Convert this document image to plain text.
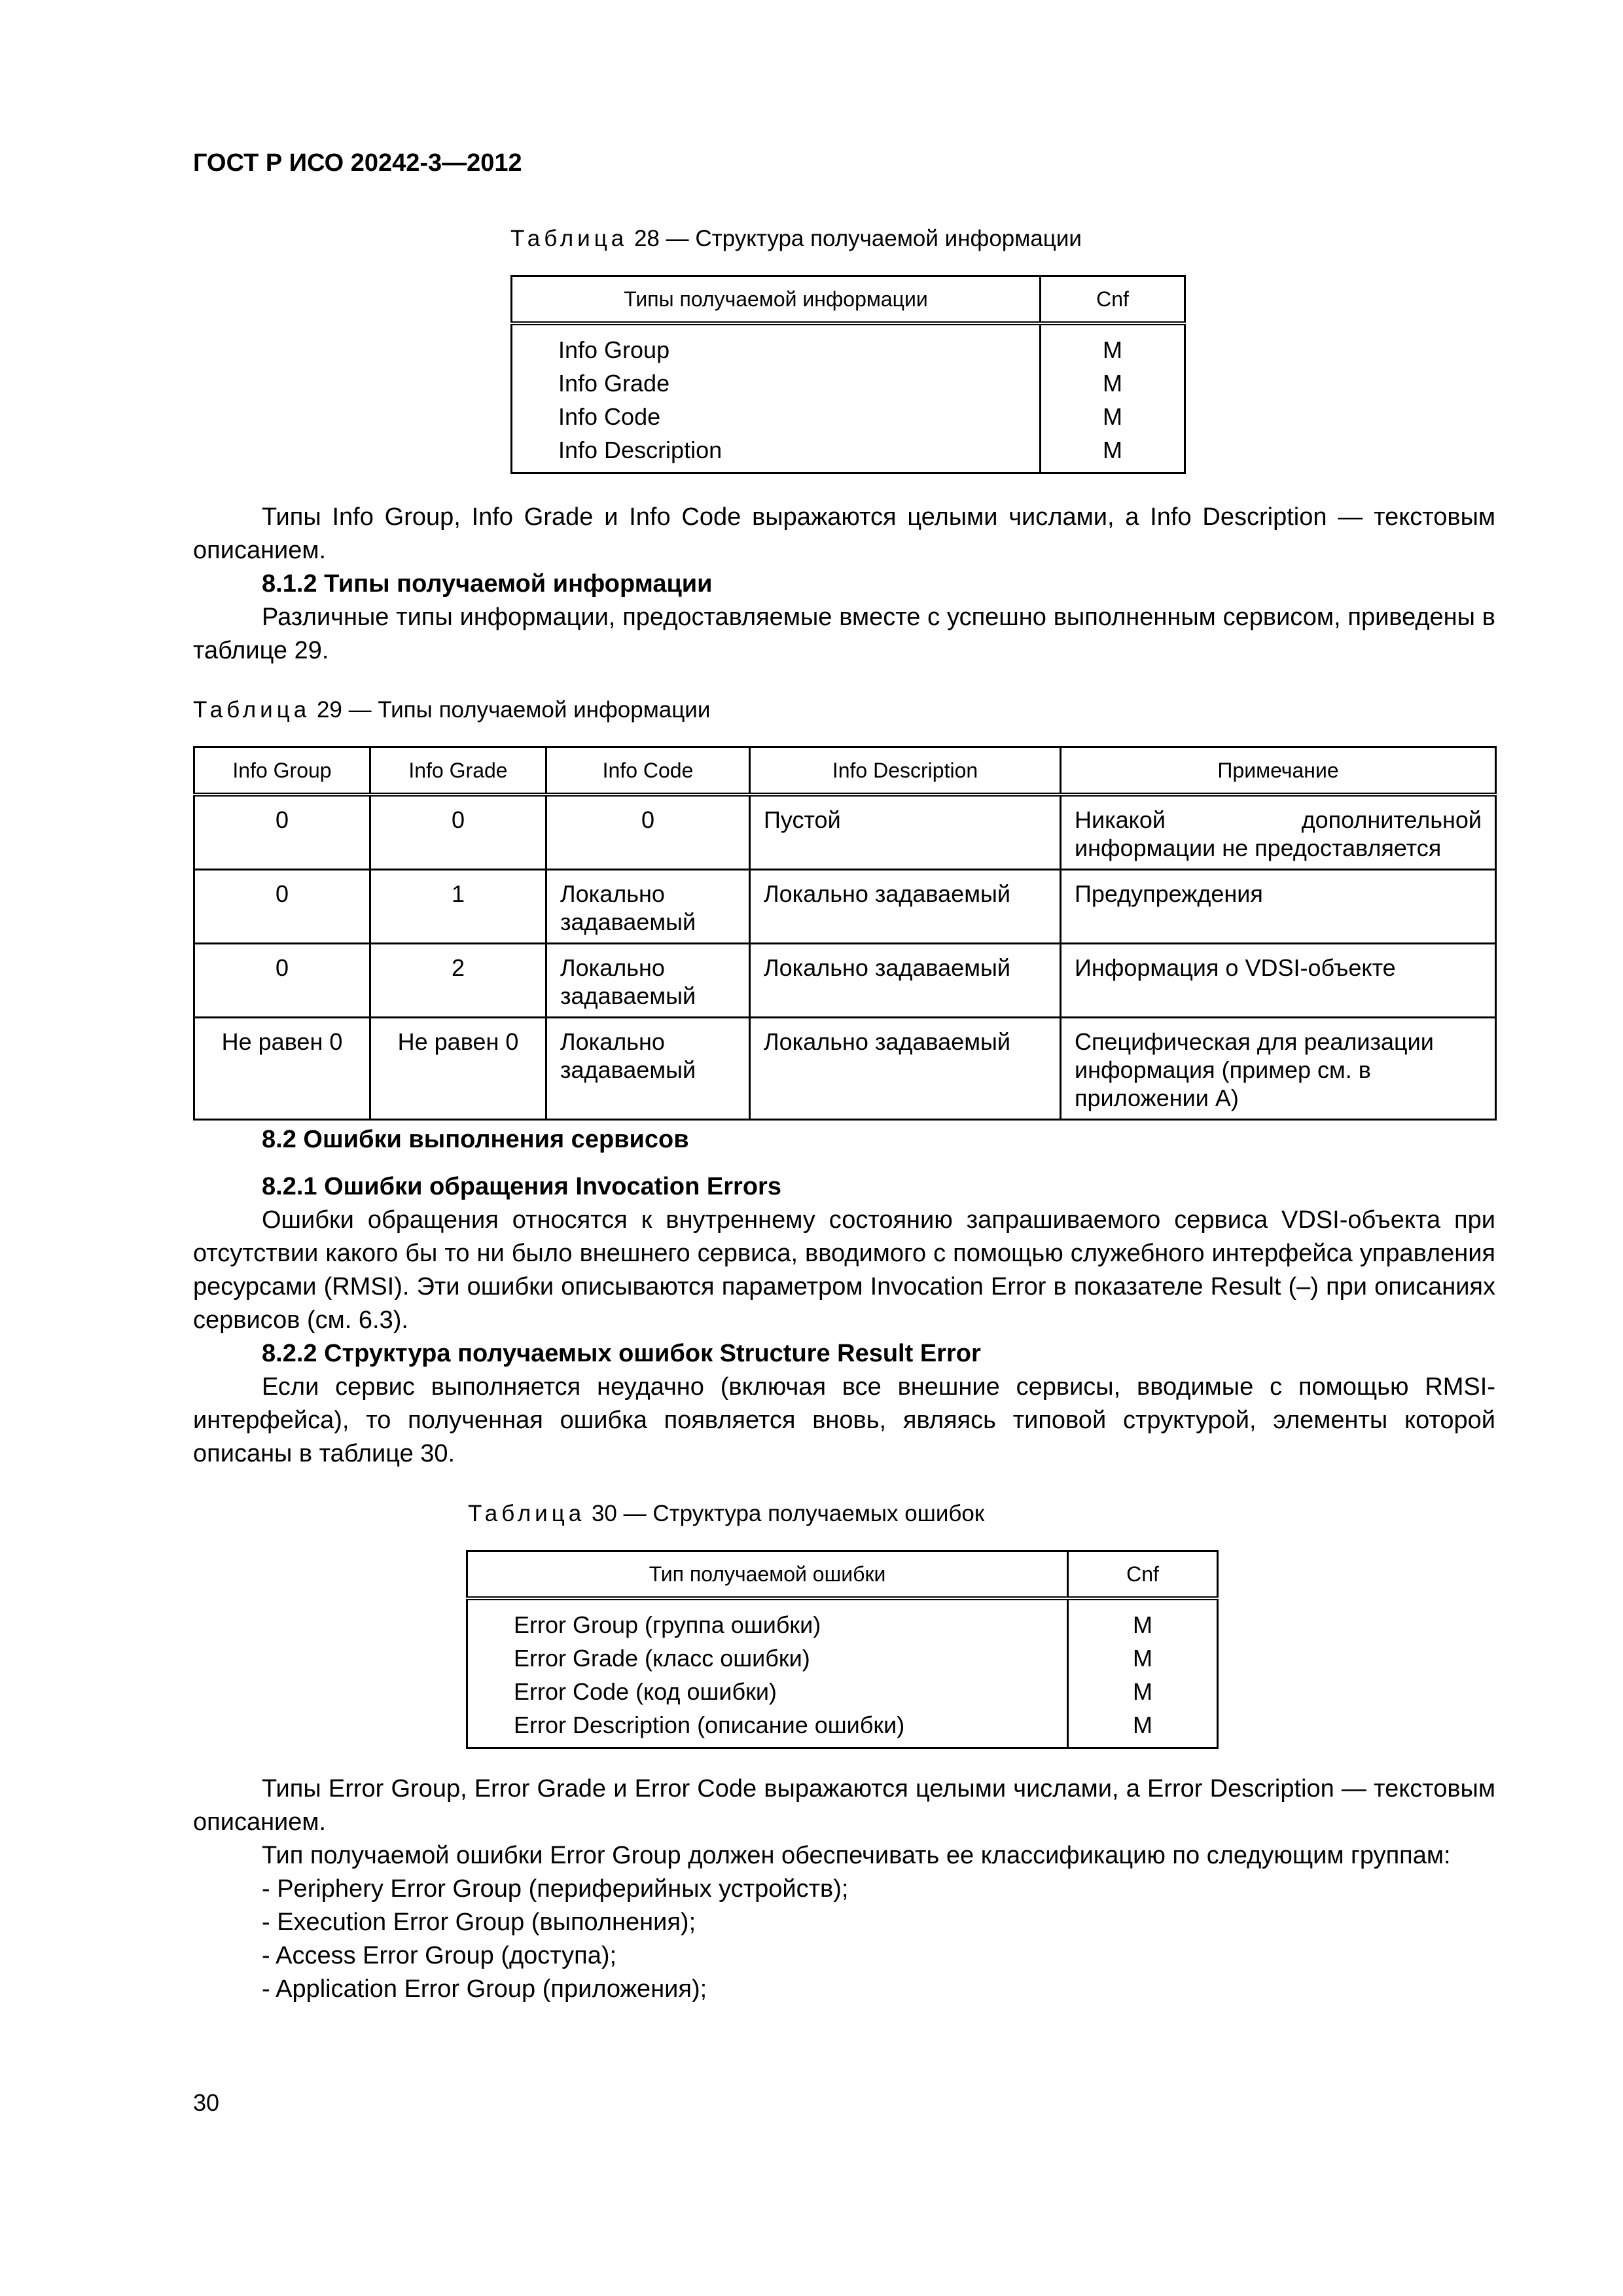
ГОСТ Р ИСО 20242-3—2012
Таблица 28 — Структура получаемой информации
Типы получаемой информации	Cnf
Info Group	M
Info Grade	M
Info Code	M
Info Description	M

Типы Info Group, Info Grade и Info Code выражаются целыми числами, а Info Description — текстовым описанием.

8.1.2 Типы получаемой информации

Различные типы информации, предоставляемые вместе с успешно выполненным сервисом, приведены в таблице 29.

Таблица 29 — Типы получаемой информации
Info Group	Info Grade	Info Code	Info Description	Примечание
0	0	0	Пустой	Никакой дополнительной информации не предоставляется
0	1	Локально задаваемый	Локально задаваемый	Предупреждения
0	2	Локально задаваемый	Локально задаваемый	Информация о VDSI-объекте
Не равен 0	Не равен 0	Локально задаваемый	Локально задаваемый	Специфическая для реализации информация (пример см. в приложении А)
8.2 Ошибки выполнения сервисов

8.2.1 Ошибки обращения Invocation Errors

Ошибки обращения относятся к внутреннему состоянию запрашиваемого сервиса VDSI-объекта при отсутствии какого бы то ни было внешнего сервиса, вводимого с помощью служебного интерфейса управления ресурсами (RMSI). Эти ошибки описываются параметром Invocation Error в показателе Result (–) при описаниях сервисов (см. 6.3).

8.2.2 Структура получаемых ошибок Structure Result Error

Если сервис выполняется неудачно (включая все внешние сервисы, вводимые с помощью RMSI-интерфейса), то полученная ошибка появляется вновь, являясь типовой структурой, элементы которой описаны в таблице 30.

Таблица 30 — Структура получаемых ошибок
Тип получаемой ошибки	Cnf
Error Group (группа ошибки)	M
Error Grade (класс ошибки)	M
Error Code (код ошибки)	M
Error Description (описание ошибки)	M

Типы Error Group, Error Grade и Error Code выражаются целыми числами, а Error Description — текстовым описанием.

Тип получаемой ошибки Error Group должен обеспечивать ее классификацию по следующим группам:

- Periphery Error Group (периферийных устройств);

- Execution Error Group (выполнения);

- Access Error Group (доступа);

- Application Error Group (приложения);

30
